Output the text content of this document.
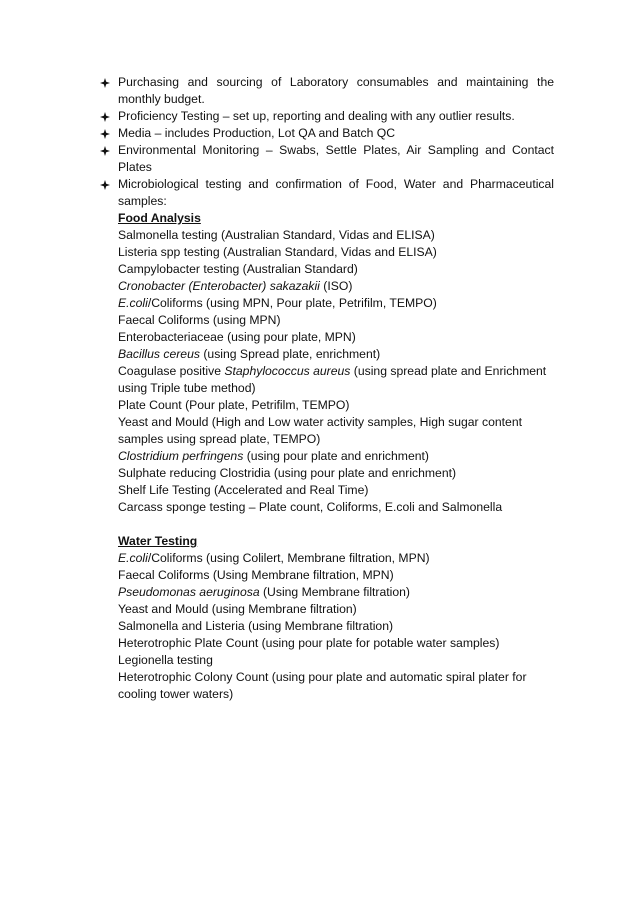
Purchasing and sourcing of Laboratory consumables and maintaining the monthly budget.
Proficiency Testing – set up, reporting and dealing with any outlier results.
Media – includes Production, Lot QA and Batch QC
Environmental Monitoring – Swabs, Settle Plates, Air Sampling and Contact Plates
Microbiological testing and confirmation of Food, Water and Pharmaceutical samples:
Food Analysis
Salmonella testing (Australian Standard, Vidas and ELISA)
Listeria spp testing (Australian Standard, Vidas and ELISA)
Campylobacter testing (Australian Standard)
Cronobacter (Enterobacter) sakazakii (ISO)
E.coli/Coliforms (using MPN, Pour plate, Petrifilm, TEMPO)
Faecal Coliforms (using MPN)
Enterobacteriaceae (using pour plate, MPN)
Bacillus cereus (using Spread plate, enrichment)
Coagulase positive Staphylococcus aureus (using spread plate and Enrichment using Triple tube method)
Plate Count (Pour plate, Petrifilm, TEMPO)
Yeast and Mould (High and Low water activity samples, High sugar content samples using spread plate, TEMPO)
Clostridium perfringens (using pour plate and enrichment)
Sulphate reducing Clostridia (using pour plate and enrichment)
Shelf Life Testing (Accelerated and Real Time)
Carcass sponge testing – Plate count, Coliforms, E.coli and Salmonella
Water Testing
E.coli/Coliforms (using Colilert, Membrane filtration, MPN)
Faecal Coliforms (Using Membrane filtration, MPN)
Pseudomonas aeruginosa (Using Membrane filtration)
Yeast and Mould (using Membrane filtration)
Salmonella and Listeria (using Membrane filtration)
Heterotrophic Plate Count (using pour plate for potable water samples)
Legionella testing
Heterotrophic Colony Count (using pour plate and automatic spiral plater for cooling tower waters)
